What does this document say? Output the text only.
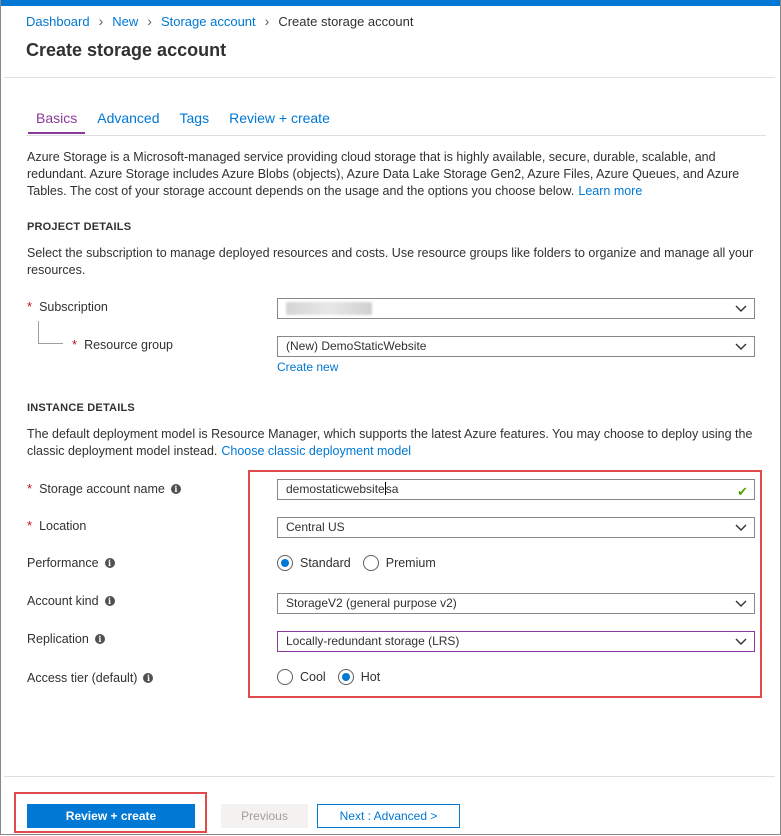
Dashboard › New › Storage account › Create storage account
Create storage account
Basics	Advanced	Tags	Review + create
Azure Storage is a Microsoft-managed service providing cloud storage that is highly available, secure, durable, scalable, and redundant. Azure Storage includes Azure Blobs (objects), Azure Data Lake Storage Gen2, Azure Files, Azure Queues, and Azure Tables. The cost of your storage account depends on the usage and the options you choose below. Learn more
PROJECT DETAILS
Select the subscription to manage deployed resources and costs. Use resource groups like folders to organize and manage all your resources.
* Subscription
* Resource group	(New) DemoStaticWebsite
Create new
INSTANCE DETAILS
The default deployment model is Resource Manager, which supports the latest Azure features. You may choose to deploy using the classic deployment model instead. Choose classic deployment model
* Storage account name	i	demostaticwebsitesa	✔
* Location	Central US
Performance	i	Standard	Premium
Account kind	i	StorageV2 (general purpose v2)
Replication	i	Locally-redundant storage (LRS)
Access tier (default)	i	Cool	Hot
Review + create	Previous	Next : Advanced >
